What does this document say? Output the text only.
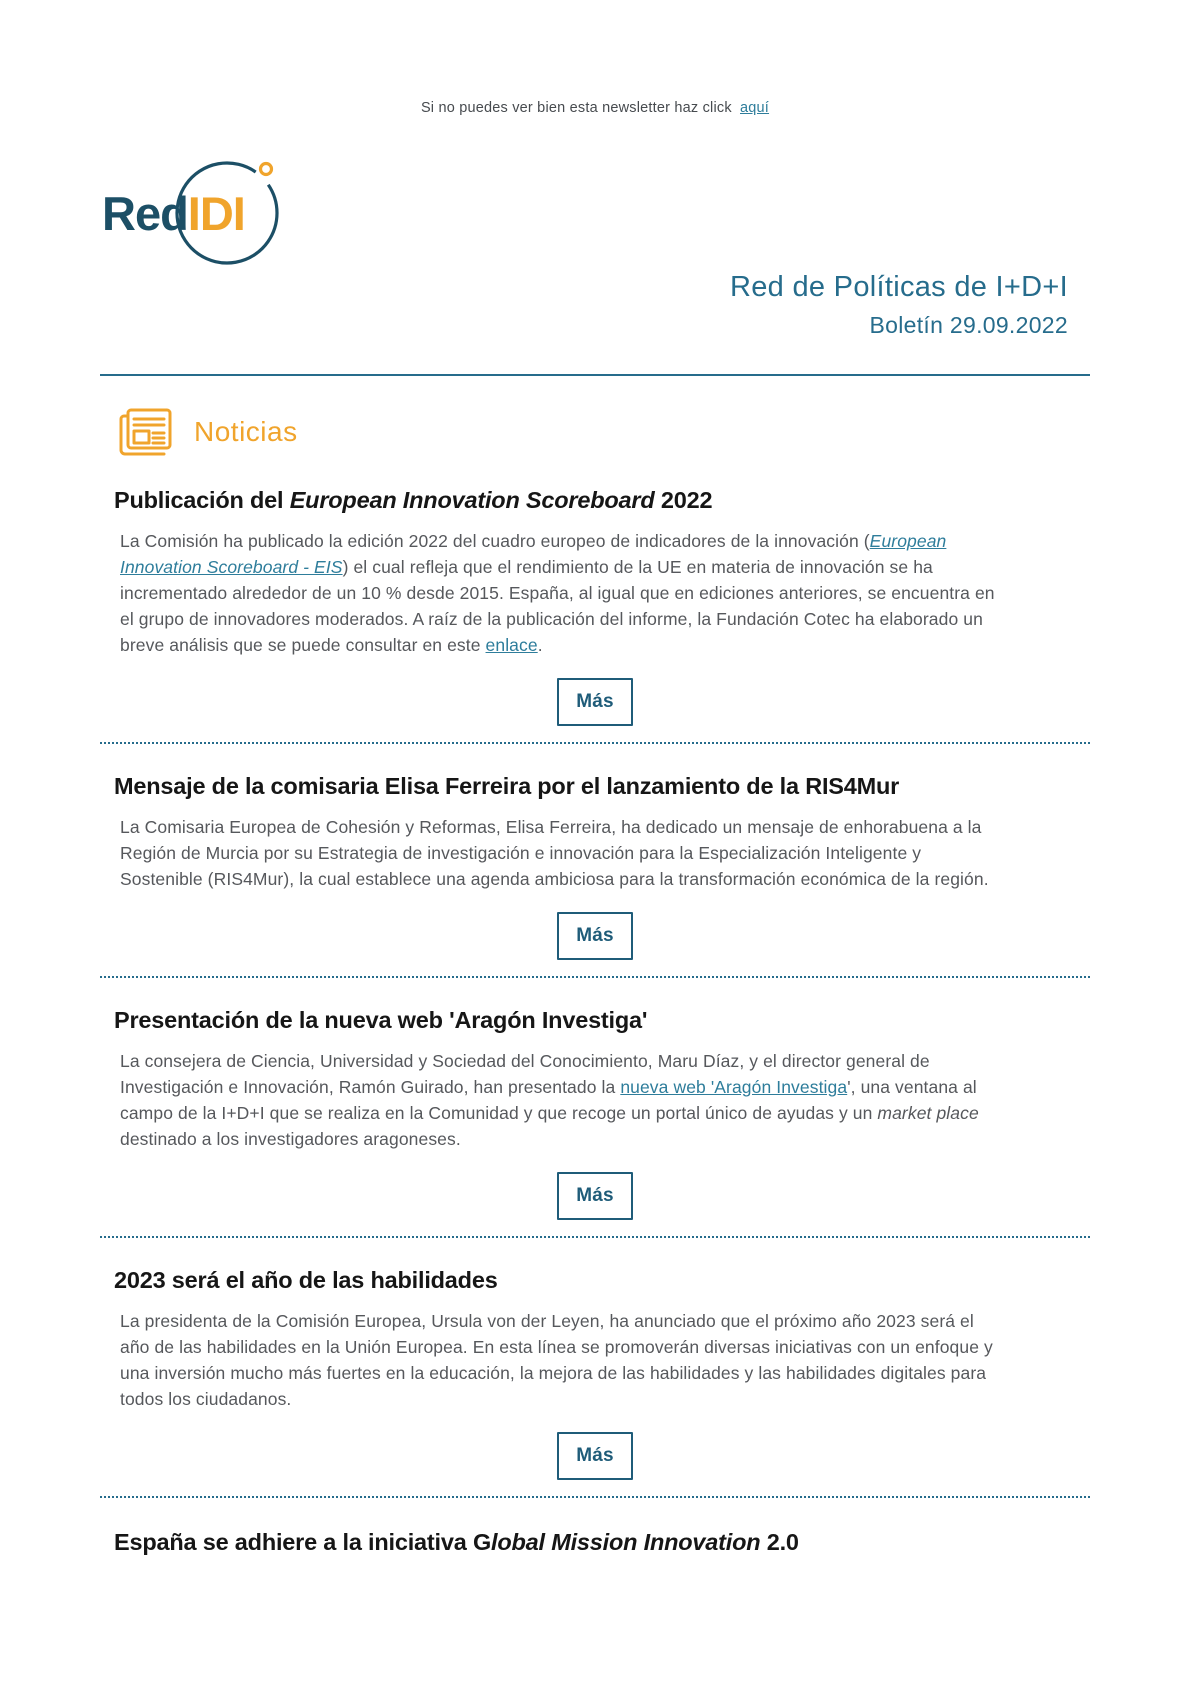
Si no puedes ver bien esta newsletter haz click aquí
RedIDI
Red de Políticas de I+D+I
Boletín 29.09.2022
Noticias
Publicación del European Innovation Scoreboard 2022

La Comisión ha publicado la edición 2022 del cuadro europeo de indicadores de la innovación (European Innovation Scoreboard - EIS) el cual refleja que el rendimiento de la UE en materia de innovación se ha incrementado alrededor de un 10 % desde 2015. España, al igual que en ediciones anteriores, se encuentra en el grupo de innovadores moderados. A raíz de la publicación del informe, la Fundación Cotec ha elaborado un breve análisis que se puede consultar en este enlace.

Más
Mensaje de la comisaria Elisa Ferreira por el lanzamiento de la RIS4Mur

La Comisaria Europea de Cohesión y Reformas, Elisa Ferreira, ha dedicado un mensaje de enhorabuena a la Región de Murcia por su Estrategia de investigación e innovación para la Especialización Inteligente y Sostenible (RIS4Mur), la cual establece una agenda ambiciosa para la transformación económica de la región.

Más
Presentación de la nueva web 'Aragón Investiga'

La consejera de Ciencia, Universidad y Sociedad del Conocimiento, Maru Díaz, y el director general de Investigación e Innovación, Ramón Guirado, han presentado la nueva web 'Aragón Investiga', una ventana al campo de la I+D+I que se realiza en la Comunidad y que recoge un portal único de ayudas y un market place destinado a los investigadores aragoneses.

Más
2023 será el año de las habilidades

La presidenta de la Comisión Europea, Ursula von der Leyen, ha anunciado que el próximo año 2023 será el año de las habilidades en la Unión Europea. En esta línea se promoverán diversas iniciativas con un enfoque y una inversión mucho más fuertes en la educación, la mejora de las habilidades y las habilidades digitales para todos los ciudadanos.

Más
España se adhiere a la iniciativa Global Mission Innovation 2.0
